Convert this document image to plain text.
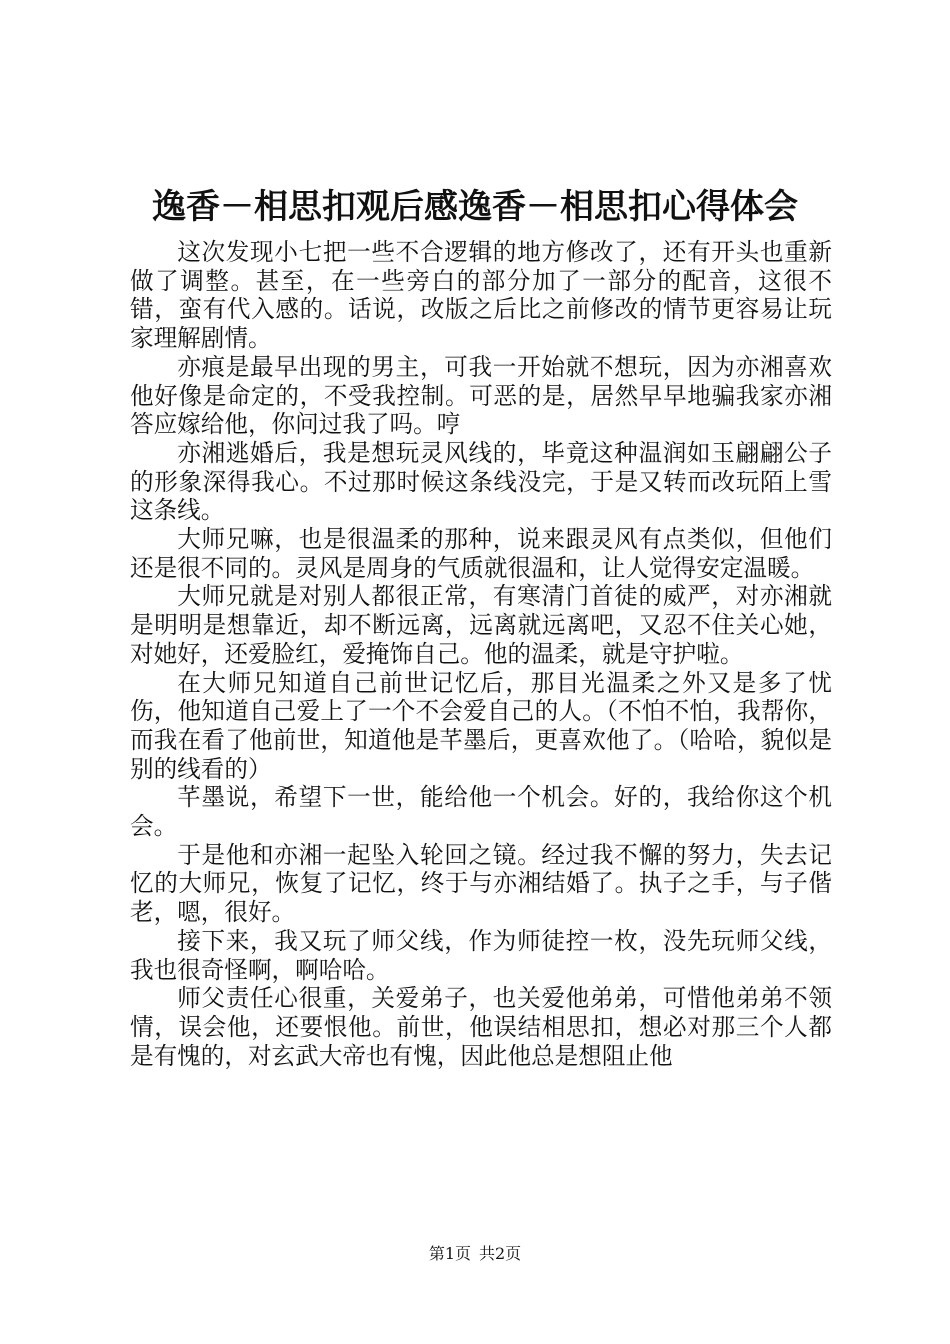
逸香－相思扣观后感逸香－相思扣心得体会

这次发现小七把一些不合逻辑的地方修改了，还有开头也重新做了调整。甚至，在一些旁白的部分加了一部分的配音，这很不错，蛮有代入感的。话说，改版之后比之前修改的情节更容易让玩家理解剧情。

亦痕是最早出现的男主，可我一开始就不想玩，因为亦湘喜欢他好像是命定的，不受我控制。可恶的是，居然早早地骗我家亦湘答应嫁给他，你问过我了吗。哼

亦湘逃婚后，我是想玩灵风线的，毕竟这种温润如玉翩翩公子的形象深得我心。不过那时候这条线没完，于是又转而改玩陌上雪这条线。

大师兄嘛，也是很温柔的那种，说来跟灵风有点类似，但他们还是很不同的。灵风是周身的气质就很温和，让人觉得安定温暖。

大师兄就是对别人都很正常，有寒清门首徒的威严，对亦湘就是明明是想靠近，却不断远离，远离就远离吧，又忍不住关心她，对她好，还爱脸红，爱掩饰自己。他的温柔，就是守护啦。

在大师兄知道自己前世记忆后，那目光温柔之外又是多了忧伤，他知道自己爱上了一个不会爱自己的人。（不怕不怕，我帮你，而我在看了他前世，知道他是芊墨后，更喜欢他了。（哈哈，貌似是别的线看的）

芊墨说，希望下一世，能给他一个机会。好的，我给你这个机会。

于是他和亦湘一起坠入轮回之镜。经过我不懈的努力，失去记忆的大师兄，恢复了记忆，终于与亦湘结婚了。执子之手，与子偕老，嗯，很好。

接下来，我又玩了师父线，作为师徒控一枚，没先玩师父线，我也很奇怪啊，啊哈哈。

师父责任心很重，关爱弟子，也关爱他弟弟，可惜他弟弟不领情，误会他，还要恨他。前世，他误结相思扣，想必对那三个人都是有愧的，对玄武大帝也有愧，因此他总是想阻止他

第1页 共2页
